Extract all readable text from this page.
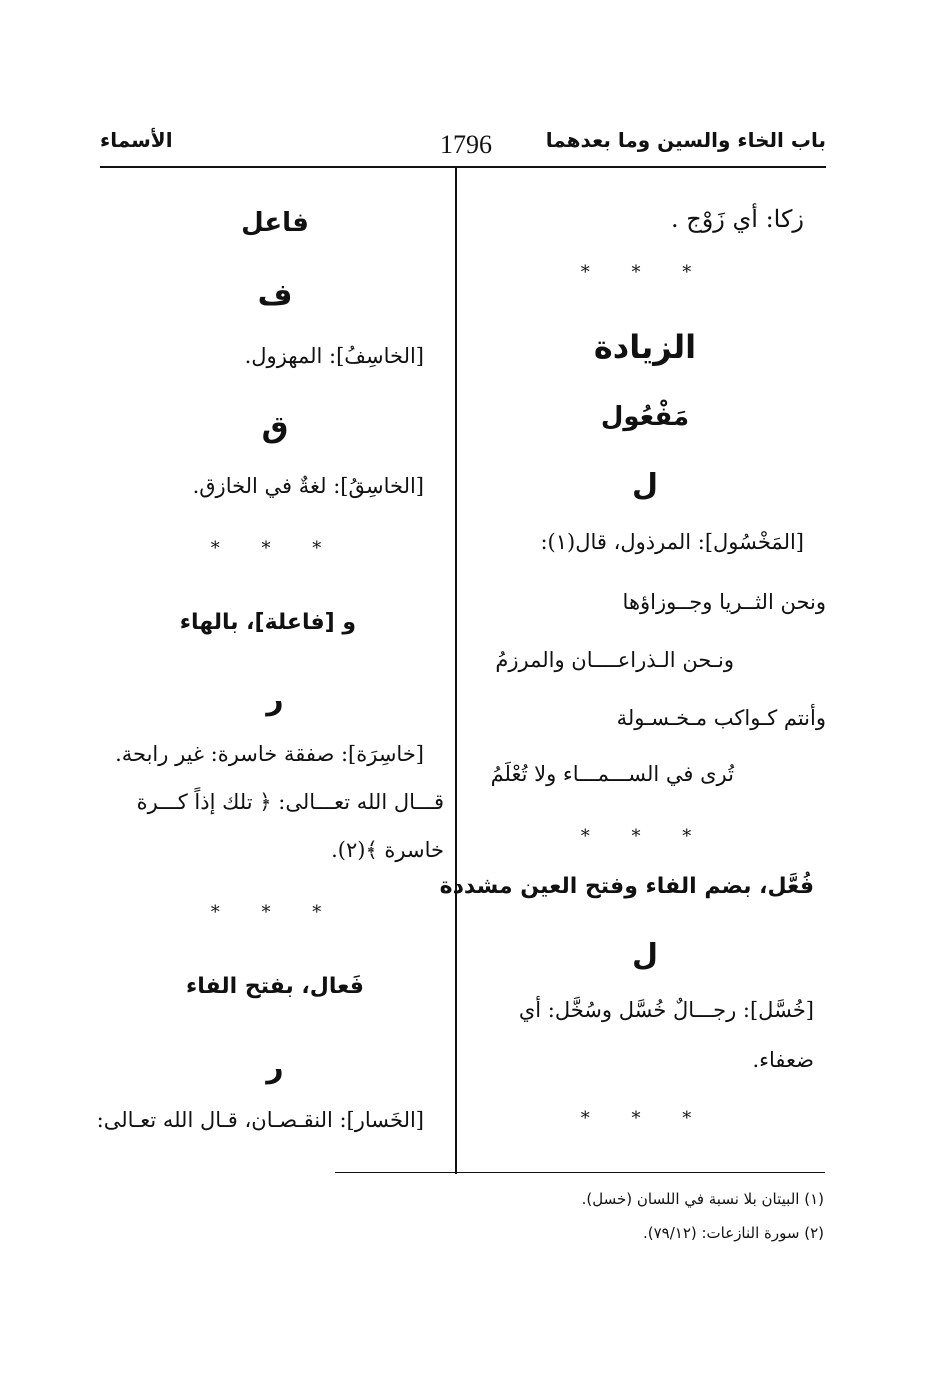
باب الخاء والسين وما بعدهما
1796
الأسماء
زكا: أي زَوْج .
* * *
الزيادة
مَفْعُول
ل
[المَخْسُول]: المرذول، قال(١):
ونحن الثــريا وجــوزاؤها
ونـحن الـذراعــــان والمرزمُ
وأنتم كـواكب مـخـسـولة
تُرى في الســـمـــاء ولا تُعْلَمُ
* * *
فُعَّل، بضم الفاء وفتح العين مشددة
ل
[خُسَّل]: رجـــالٌ خُسَّل وسُخَّل: أي
ضعفاء.
* * *
فاعل
ف
[الخاسِفُ]: المهزول.
ق
[الخاسِقُ]: لغةٌ في الخازق.
* * *
و [فاعلة]، بالهاء
ر
[خاسِرَة]: صفقة خاسرة: غير رابحة.
قـــال الله تعـــالى: ﴿ تلك إذاً كـــرة
خاسرة ﴾(٢).
* * *
فَعال، بفتح الفاء
ر
[الخَسار]: النقـصـان، قـال الله تعـالى:
(١) البيتان بلا نسبة في اللسان (خسل).
(٢) سورة النازعات: (٧٩/١٢).
